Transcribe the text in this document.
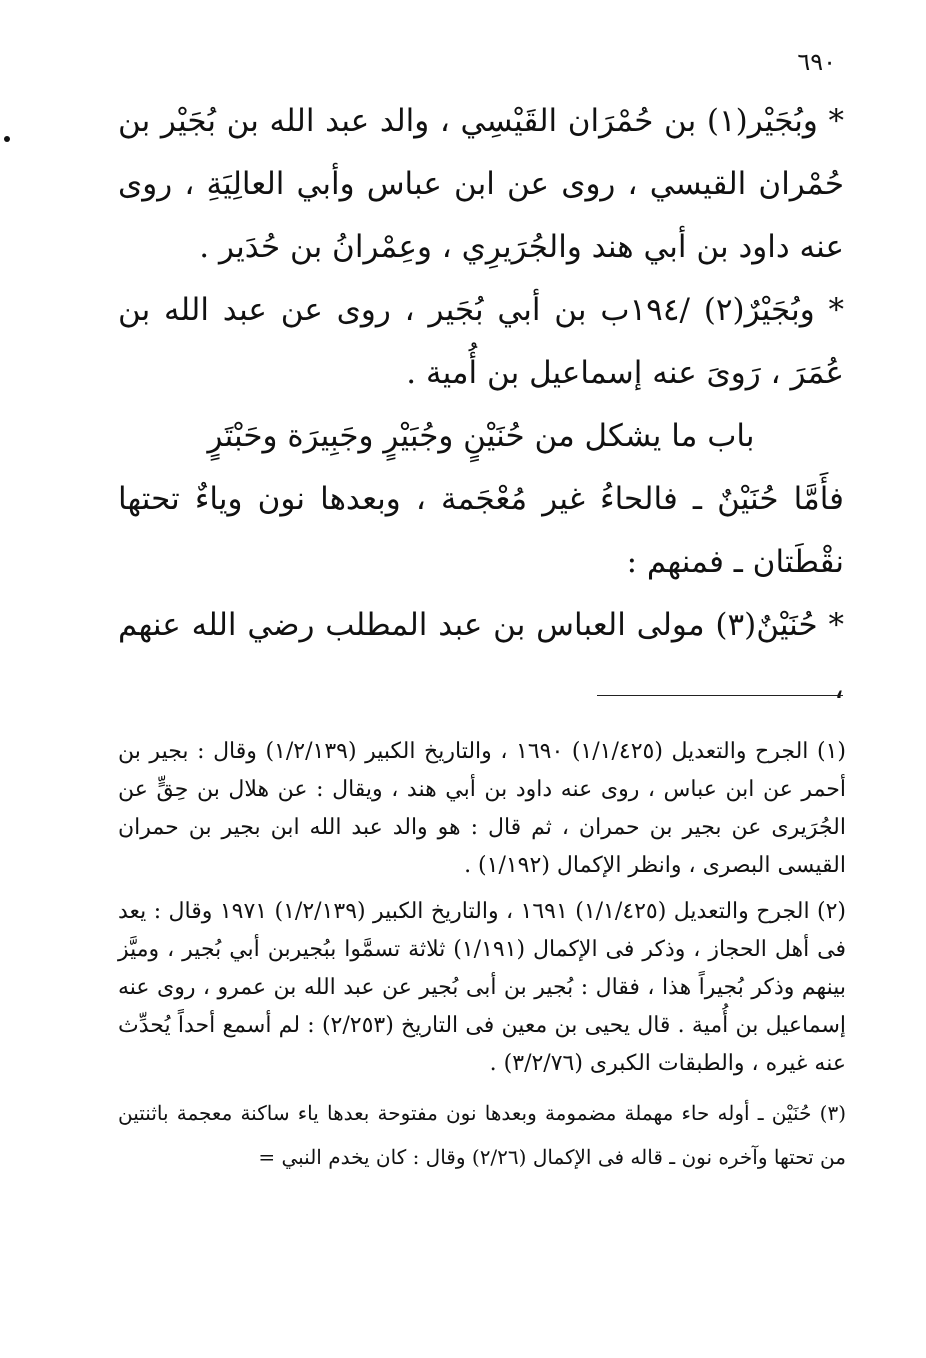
٦٩٠

* وبُجَيْر(١) بن حُمْرَان القَيْسِي ، والد عبد الله بن بُجَيْر بن حُمْران القيسي ، روى عن ابن عباس وأبي العالِيَةِ ، روى عنه داود بن أبي هند والجُرَيرِي ، وعِمْرانُ بن حُدَير .

* وبُجَيْرٌ(٢) /١٩٤ب بن أبي بُجَير ، روى عن عبد الله بن عُمَرَ ، رَوىَ عنه إسماعيل بن أُمية .

باب ما يشكل من حُنَيْنٍ وجُبَيْرٍ وجَبِيرَة وحَبْتَرٍ

فأَمَّا حُنَيْنٌ ـ فالحاءُ غير مُعْجَمة ، وبعدها نون وياءٌ تحتها نقْطَتان ـ فمنهم :

* حُنَيْنٌ(٣) مولى العباس بن عبد المطلب رضي الله عنهم ،

(١) الجرح والتعديل (١/١/٤٢٥) ١٦٩٠ ، والتاريخ الكبير (١/٢/١٣٩) وقال : بجير بن أحمر عن ابن عباس ، روى عنه داود بن أبي هند ، ويقال : عن هلال بن حِقٍّ عن الجُرَيرى عن بجير بن حمران ، ثم قال : هو والد عبد الله ابن بجير بن حمران القيسى البصرى ، وانظر الإكمال (١/١٩٢) .

(٢) الجرح والتعديل (١/١/٤٢٥) ١٦٩١ ، والتاريخ الكبير (١/٢/١٣٩) ١٩٧١ وقال : يعد فى أهل الحجاز ، وذكر فى الإكمال (١/١٩١) ثلاثة تسمَّوا ببُجيربن أبي بُجير ، وميَّز بينهم وذكر بُجيراً هذا ، فقال : بُجير بن أبى بُجير عن عبد الله بن عمرو ، روى عنه إسماعيل بن أُمية . قال يحيى بن معين فى التاريخ (٢/٢٥٣) : لم أسمع أحداً يُحدِّث عنه غيره ، والطبقات الكبرى (٣/٢/٧٦) .

(٣) حُنَيْن ـ أوله حاء مهملة مضمومة وبعدها نون مفتوحة بعدها ياء ساكنة معجمة باثنتين من تحتها وآخره نون ـ قاله فى الإكمال (٢/٢٦) وقال : كان يخدم النبي =
